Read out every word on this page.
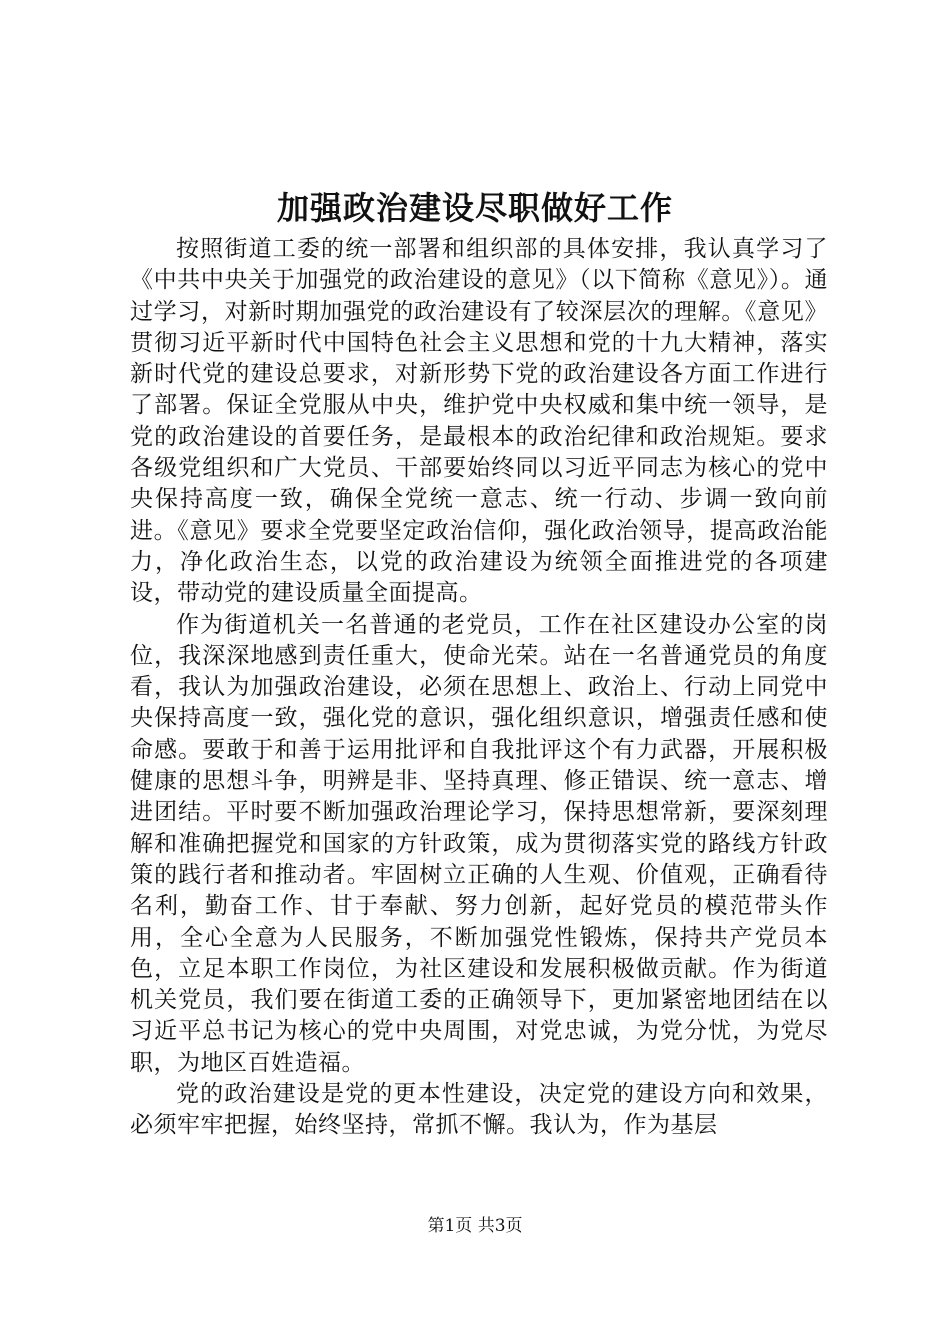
加强政治建设尽职做好工作

按照街道工委的统一部署和组织部的具体安排，我认真学习了《中共中央关于加强党的政治建设的意见》（以下简称《意见》）。通过学习，对新时期加强党的政治建设有了较深层次的理解。《意见》贯彻习近平新时代中国特色社会主义思想和党的十九大精神，落实新时代党的建设总要求，对新形势下党的政治建设各方面工作进行了部署。保证全党服从中央，维护党中央权威和集中统一领导，是党的政治建设的首要任务，是最根本的政治纪律和政治规矩。要求各级党组织和广大党员、干部要始终同以习近平同志为核心的党中央保持高度一致，确保全党统一意志、统一行动、步调一致向前进。《意见》要求全党要坚定政治信仰，强化政治领导，提高政治能力，净化政治生态，以党的政治建设为统领全面推进党的各项建设，带动党的建设质量全面提高。

作为街道机关一名普通的老党员，工作在社区建设办公室的岗位，我深深地感到责任重大，使命光荣。站在一名普通党员的角度看，我认为加强政治建设，必须在思想上、政治上、行动上同党中央保持高度一致，强化党的意识，强化组织意识，增强责任感和使命感。要敢于和善于运用批评和自我批评这个有力武器，开展积极健康的思想斗争，明辨是非、坚持真理、修正错误、统一意志、增进团结。平时要不断加强政治理论学习，保持思想常新，要深刻理解和准确把握党和国家的方针政策，成为贯彻落实党的路线方针政策的践行者和推动者。牢固树立正确的人生观、价值观，正确看待名利，勤奋工作、甘于奉献、努力创新，起好党员的模范带头作用，全心全意为人民服务，不断加强党性锻炼，保持共产党员本色，立足本职工作岗位，为社区建设和发展积极做贡献。作为街道机关党员，我们要在街道工委的正确领导下，更加紧密地团结在以习近平总书记为核心的党中央周围，对党忠诚，为党分忧，为党尽职，为地区百姓造福。

党的政治建设是党的更本性建设，决定党的建设方向和效果，必须牢牢把握，始终坚持，常抓不懈。我认为，作为基层

第1页 共3页
